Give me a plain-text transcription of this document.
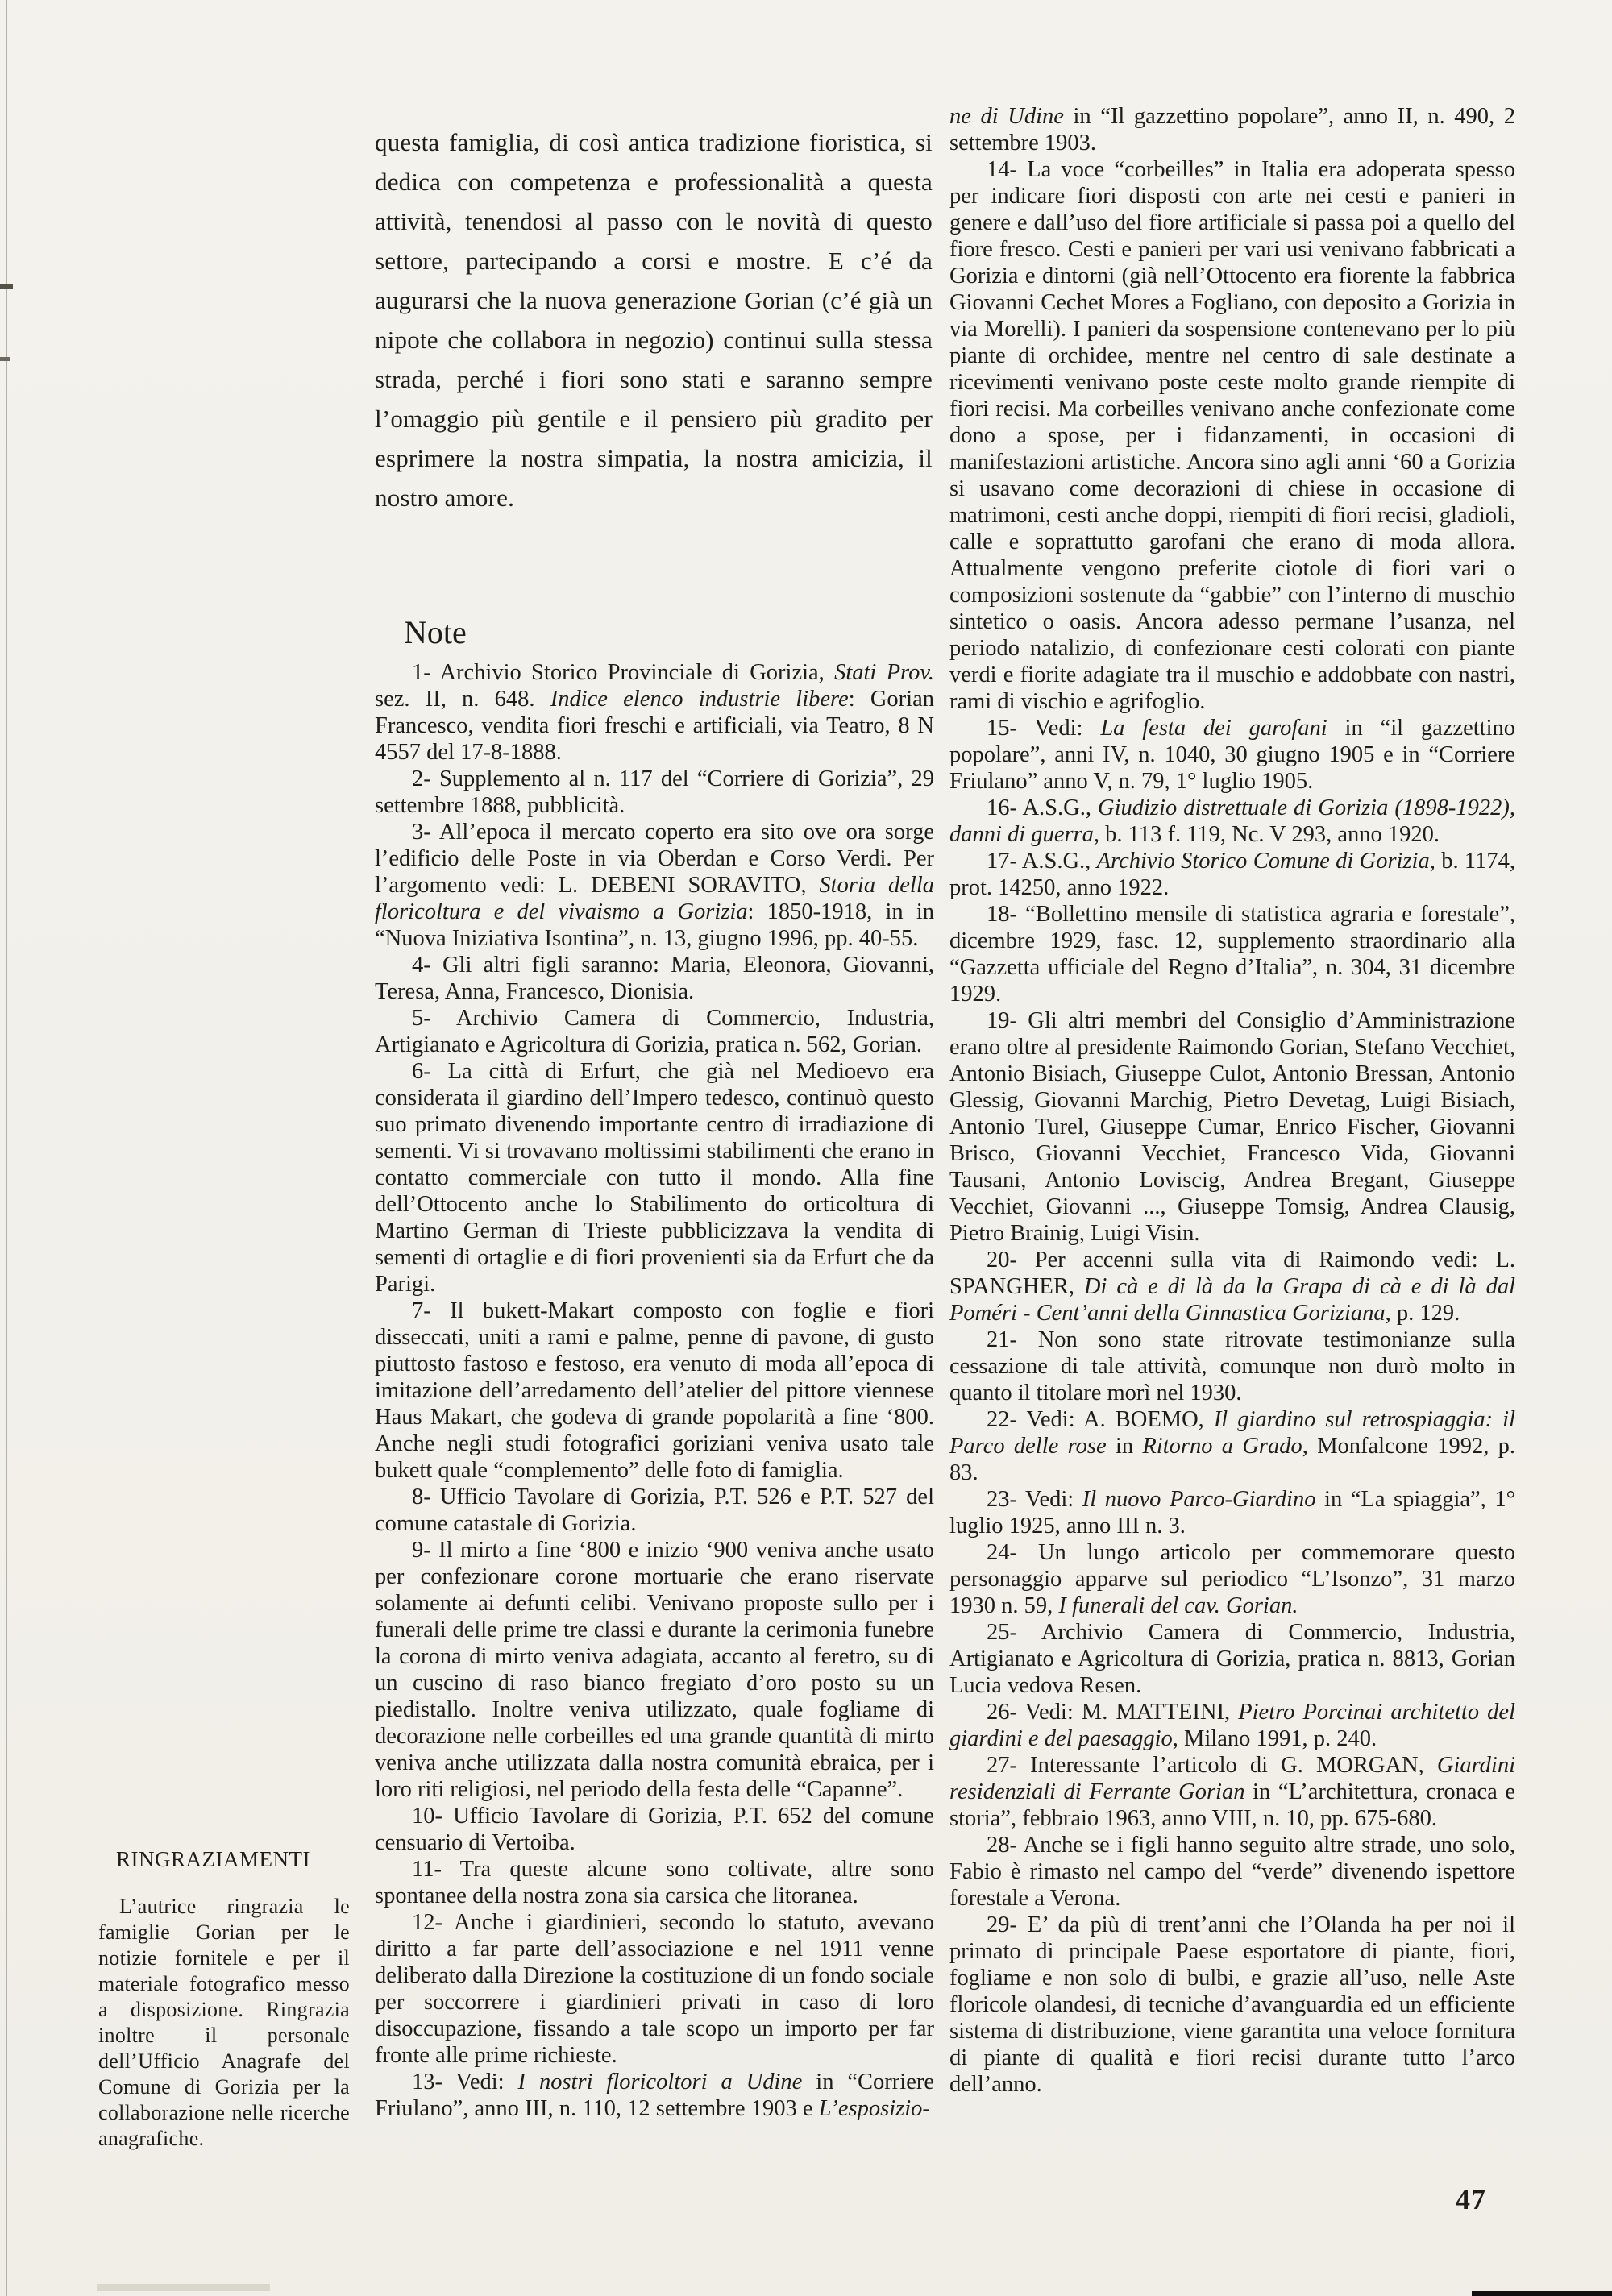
questa famiglia, di così antica tradizione fioristica, si dedica con competenza e professionalità a questa attività, tenendosi al passo con le novità di questo settore, partecipando a corsi e mostre. E c’é da augurarsi che la nuova generazione Gorian (c’é già un nipote che collabora in negozio) continui sulla stessa strada, perché i fiori sono stati e saranno sempre l’omaggio più gentile e il pensiero più gradito per esprimere la nostra simpatia, la nostra amicizia, il nostro amore.
Note

1- Archivio Storico Provinciale di Gorizia, Stati Prov. sez. II, n. 648. Indice elenco industrie libere: Gorian Francesco, vendita fiori freschi e artificiali, via Teatro, 8 N 4557 del 17-8-1888.

2- Supplemento al n. 117 del “Corriere di Gorizia”, 29 settembre 1888, pubblicità.

3- All’epoca il mercato coperto era sito ove ora sorge l’edificio delle Poste in via Oberdan e Corso Verdi. Per l’argomento vedi: L. DEBENI SORAVITO, Storia della floricoltura e del vivaismo a Gorizia: 1850-1918, in in “Nuova Iniziativa Isontina”, n. 13, giugno 1996, pp. 40-55.

4- Gli altri figli saranno: Maria, Eleonora, Giovanni, Teresa, Anna, Francesco, Dionisia.

5- Archivio Camera di Commercio, Industria, Artigianato e Agricoltura di Gorizia, pratica n. 562, Gorian.

6- La città di Erfurt, che già nel Medioevo era considerata il giardino dell’Impero tedesco, continuò questo suo primato divenendo importante centro di irradiazione di sementi. Vi si trovavano moltissimi stabilimenti che erano in contatto commerciale con tutto il mondo. Alla fine dell’Ottocento anche lo Stabilimento do orticoltura di Martino German di Trieste pubblicizzava la vendita di sementi di ortaglie e di fiori provenienti sia da Erfurt che da Parigi.

7- Il bukett-Makart composto con foglie e fiori disseccati, uniti a rami e palme, penne di pavone, di gusto piuttosto fastoso e festoso, era venuto di moda all’epoca di imitazione dell’arredamento dell’atelier del pittore viennese Haus Makart, che godeva di grande popolarità a fine ‘800. Anche negli studi fotografici goriziani veniva usato tale bukett quale “complemento” delle foto di famiglia.

8- Ufficio Tavolare di Gorizia, P.T. 526 e P.T. 527 del comune catastale di Gorizia.

9- Il mirto a fine ‘800 e inizio ‘900 veniva anche usato per confezionare corone mortuarie che erano riservate solamente ai defunti celibi. Venivano proposte sullo per i funerali delle prime tre classi e durante la cerimonia funebre la corona di mirto veniva adagiata, accanto al feretro, su di un cuscino di raso bianco fregiato d’oro posto su un piedistallo. Inoltre veniva utilizzato, quale fogliame di decorazione nelle corbeilles ed una grande quantità di mirto veniva anche utilizzata dalla nostra comunità ebraica, per i loro riti religiosi, nel periodo della festa delle “Capanne”.

10- Ufficio Tavolare di Gorizia, P.T. 652 del comune censuario di Vertoiba.

11- Tra queste alcune sono coltivate, altre sono spontanee della nostra zona sia carsica che litoranea.

12- Anche i giardinieri, secondo lo statuto, avevano diritto a far parte dell’associazione e nel 1911 venne deliberato dalla Direzione la costituzione di un fondo sociale per soccorrere i giardinieri privati in caso di loro disoccupazione, fissando a tale scopo un importo per far fronte alle prime richieste.

13- Vedi: I nostri floricoltori a Udine in “Corriere Friulano”, anno III, n. 110, 12 settembre 1903 e L’esposizio-

ne di Udine in “Il gazzettino popolare”, anno II, n. 490, 2 settembre 1903.

14- La voce “corbeilles” in Italia era adoperata spesso per indicare fiori disposti con arte nei cesti e panieri in genere e dall’uso del fiore artificiale si passa poi a quello del fiore fresco. Cesti e panieri per vari usi venivano fabbricati a Gorizia e dintorni (già nell’Ottocento era fiorente la fabbrica Giovanni Cechet Mores a Fogliano, con deposito a Gorizia in via Morelli). I panieri da sospensione contenevano per lo più piante di orchidee, mentre nel centro di sale destinate a ricevimenti venivano poste ceste molto grande riempite di fiori recisi. Ma corbeilles venivano anche confezionate come dono a spose, per i fidanzamenti, in occasioni di manifestazioni artistiche. Ancora sino agli anni ‘60 a Gorizia si usavano come decorazioni di chiese in occasione di matrimoni, cesti anche doppi, riempiti di fiori recisi, gladioli, calle e soprattutto garofani che erano di moda allora. Attualmente vengono preferite ciotole di fiori vari o composizioni sostenute da “gabbie” con l’interno di muschio sintetico o oasis. Ancora adesso permane l’usanza, nel periodo natalizio, di confezionare cesti colorati con piante verdi e fiorite adagiate tra il muschio e addobbate con nastri, rami di vischio e agrifoglio.

15- Vedi: La festa dei garofani in “il gazzettino popolare”, anni IV, n. 1040, 30 giugno 1905 e in “Corriere Friulano” anno V, n. 79, 1° luglio 1905.

16- A.S.G., Giudizio distrettuale di Gorizia (1898-1922), danni di guerra, b. 113 f. 119, Nc. V 293, anno 1920.

17- A.S.G., Archivio Storico Comune di Gorizia, b. 1174, prot. 14250, anno 1922.

18- “Bollettino mensile di statistica agraria e forestale”, dicembre 1929, fasc. 12, supplemento straordinario alla “Gazzetta ufficiale del Regno d’Italia”, n. 304, 31 dicembre 1929.

19- Gli altri membri del Consiglio d’Amministrazione erano oltre al presidente Raimondo Gorian, Stefano Vecchiet, Antonio Bisiach, Giuseppe Culot, Antonio Bressan, Antonio Glessig, Giovanni Marchig, Pietro Devetag, Luigi Bisiach, Antonio Turel, Giuseppe Cumar, Enrico Fischer, Giovanni Brisco, Giovanni Vecchiet, Francesco Vida, Giovanni Tausani, Antonio Loviscig, Andrea Bregant, Giuseppe Vecchiet, Giovanni ..., Giuseppe Tomsig, Andrea Clausig, Pietro Brainig, Luigi Visin.

20- Per accenni sulla vita di Raimondo vedi: L. SPANGHER, Di cà e di là da la Grapa di cà e di là dal Poméri - Cent’anni della Ginnastica Goriziana, p. 129.

21- Non sono state ritrovate testimonianze sulla cessazione di tale attività, comunque non durò molto in quanto il titolare morì nel 1930.

22- Vedi: A. BOEMO, Il giardino sul retrospiaggia: il Parco delle rose in Ritorno a Grado, Monfalcone 1992, p. 83.

23- Vedi: Il nuovo Parco-Giardino in “La spiaggia”, 1° luglio 1925, anno III n. 3.

24- Un lungo articolo per commemorare questo personaggio apparve sul periodico “L’Isonzo”, 31 marzo 1930 n. 59, I funerali del cav. Gorian.

25- Archivio Camera di Commercio, Industria, Artigianato e Agricoltura di Gorizia, pratica n. 8813, Gorian Lucia vedova Resen.

26- Vedi: M. MATTEINI, Pietro Porcinai architetto del giardini e del paesaggio, Milano 1991, p. 240.

27- Interessante l’articolo di G. MORGAN, Giardini residenziali di Ferrante Gorian in “L’architettura, cronaca e storia”, febbraio 1963, anno VIII, n. 10, pp. 675-680.

28- Anche se i figli hanno seguito altre strade, uno solo, Fabio è rimasto nel campo del “verde” divenendo ispettore forestale a Verona.

29- E’ da più di trent’anni che l’Olanda ha per noi il primato di principale Paese esportatore di piante, fiori, fogliame e non solo di bulbi, e grazie all’uso, nelle Aste floricole olandesi, di tecniche d’avanguardia ed un efficiente sistema di distribuzione, viene garantita una veloce fornitura di piante di qualità e fiori recisi durante tutto l’arco dell’anno.

RINGRAZIAMENTI
L’autrice ringrazia le famiglie Gorian per le notizie fornitele e per il materiale fotografico messo a disposizione. Ringrazia inoltre il personale dell’Ufficio Anagrafe del Comune di Gorizia per la collaborazione nelle ricerche anagrafiche.
47
